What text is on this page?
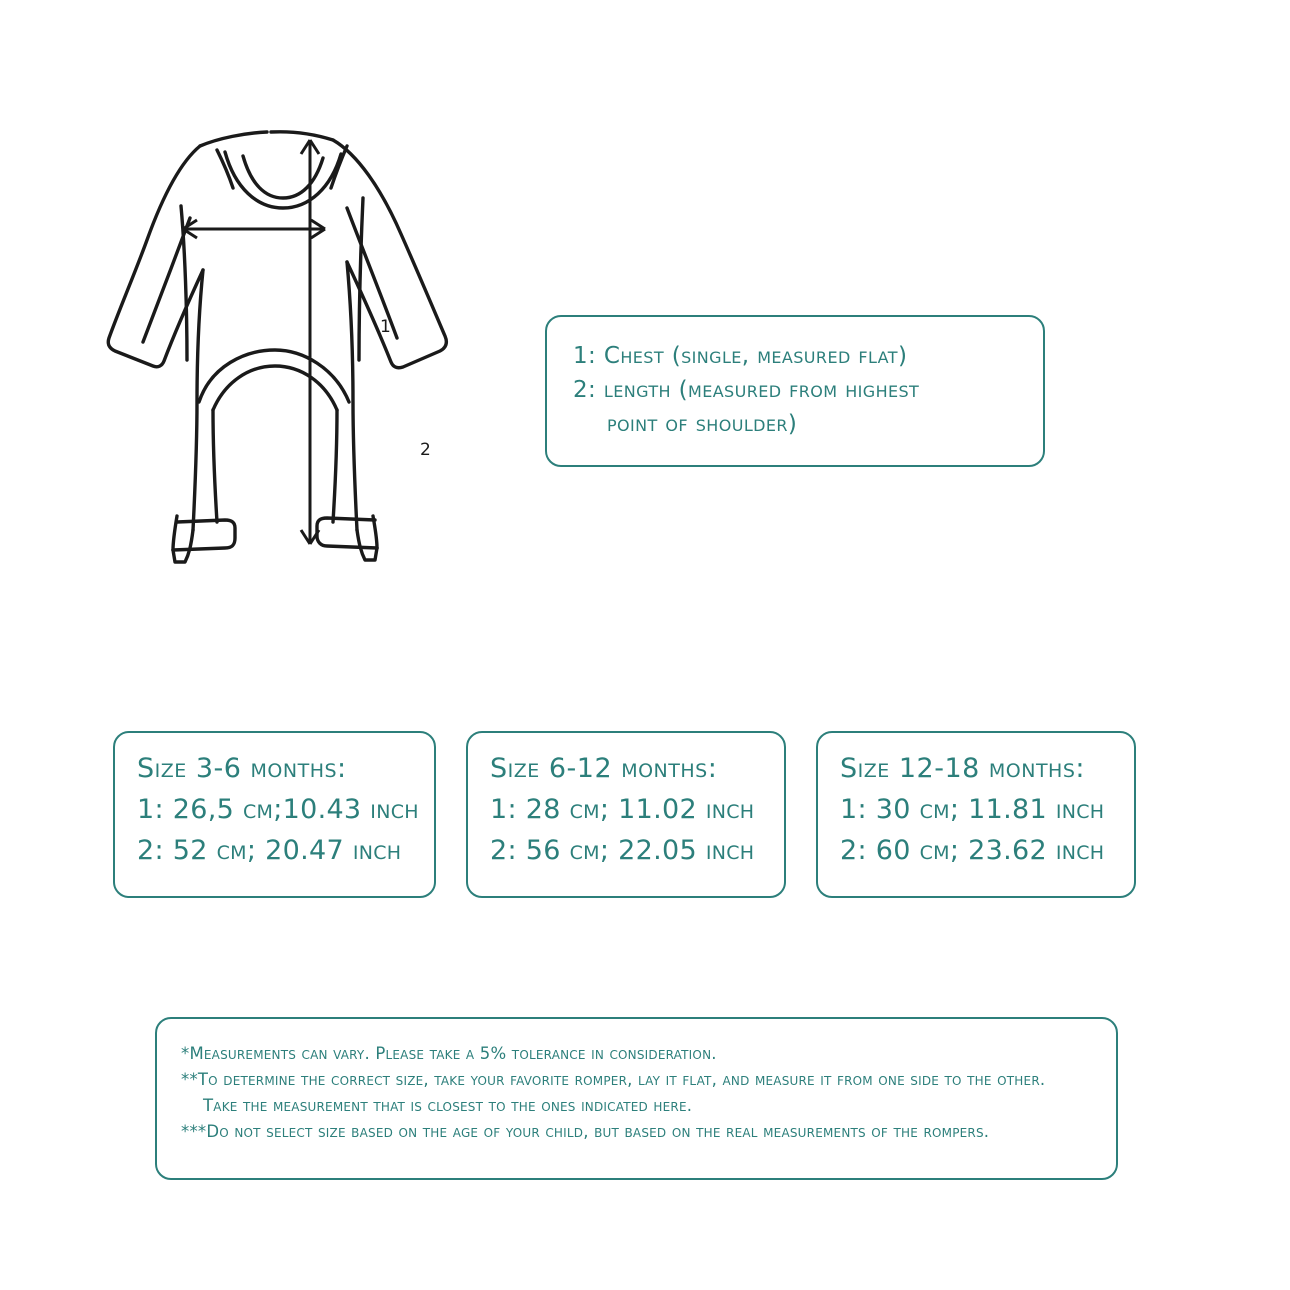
1
2
1: Chest (single, measured flat)
2: length (measured from highest
point of shoulder)
Size 3-6 months:
1: 26,5 cm;10.43 inch
2: 52 cm; 20.47 inch
Size 6-12 months:
1: 28 cm; 11.02 inch
2: 56 cm; 22.05 inch
Size 12-18 months:
1: 30 cm; 11.81 inch
2: 60 cm; 23.62 inch
*Measurements can vary. Please take a 5% tolerance in consideration.
**To determine the correct size, take your favorite romper, lay it flat, and measure it from one side to the other.
Take the measurement that is closest to the ones indicated here.
***Do not select size based on the age of your child, but based on the real measurements of the rompers.
